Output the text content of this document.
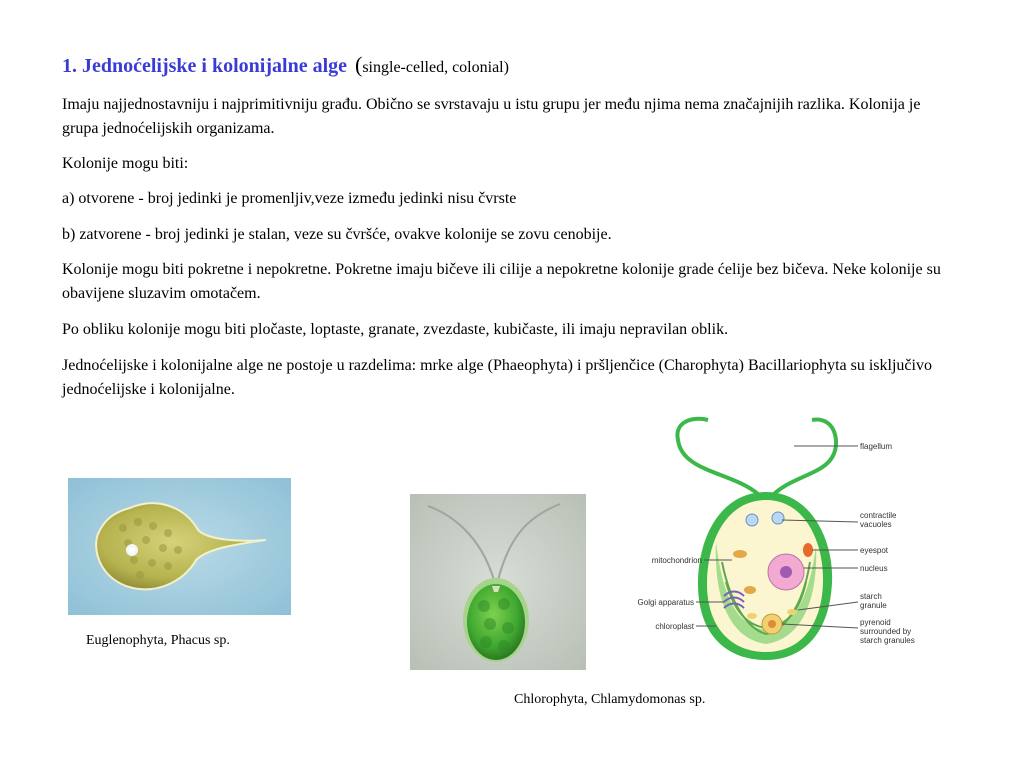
1. Jednoćelijske i kolonijalne alge (single-celled, colonial)
Imaju najjednostavniju i najprimitivniju građu. Obično se svrstavaju u istu grupu jer među njima nema značajnijih razlika. Kolonija je grupa jednoćelijskih organizama.
Kolonije mogu biti:
a) otvorene - broj jedinki je promenljiv,veze između jedinki nisu čvrste
b) zatvorene - broj jedinki je stalan, veze su čvršće, ovakve kolonije se zovu cenobije.
Kolonije mogu biti pokretne i nepokretne. Pokretne imaju bičeve ili cilije a nepokretne kolonije grade ćelije bez bičeva. Neke kolonije su obavijene sluzavim omotačem.
Po obliku kolonije mogu biti pločaste, loptaste, granate, zvezdaste, kubičaste, ili imaju nepravilan oblik.
Jednoćelijske i kolonijalne alge ne postoje u razdelima: mrke alge (Phaeophyta) i pršljenčice (Charophyta) Bacillariophyta su isključivo jednoćelijske i kolonijalne.
Euglenophyta, Phacus sp.
Chlorophyta, Chlamydomonas sp.
flagellum
contractile
vacuoles
eyespot
nucleus
starch
granule
pyrenoid
surrounded by
starch granules
mitochondrion
Golgi apparatus
chloroplast
